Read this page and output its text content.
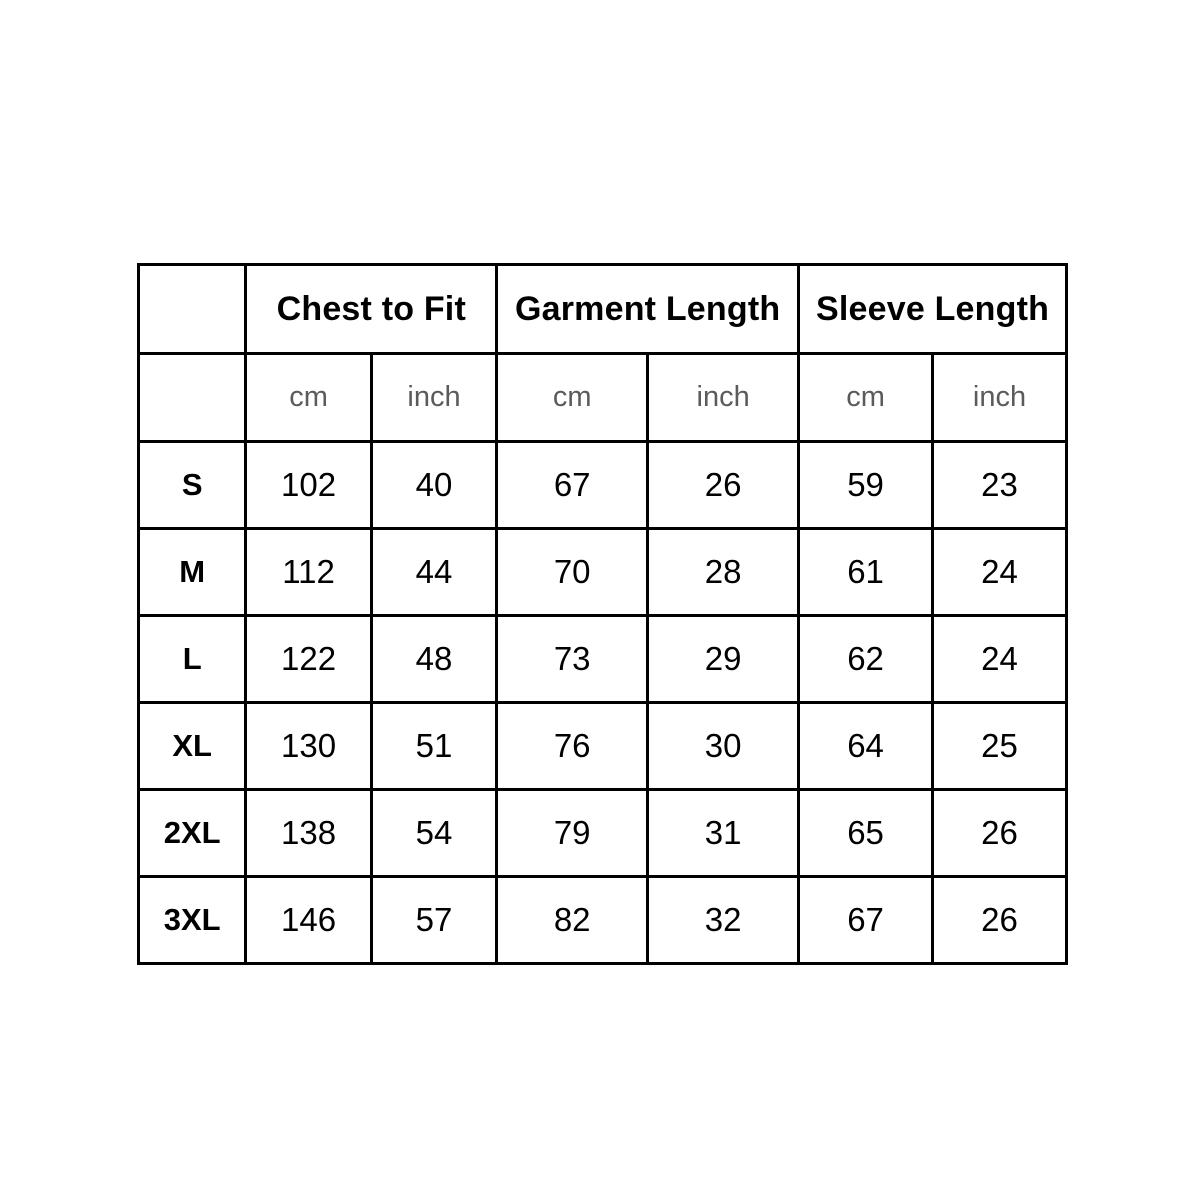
	Chest to Fit		Garment Length		Sleeve Length	
	cm	inch	cm	inch	cm	inch
S	102	40	67	26	59	23
M	112	44	70	28	61	24
L	122	48	73	29	62	24
XL	130	51	76	30	64	25
2XL	138	54	79	31	65	26
3XL	146	57	82	32	67	26
